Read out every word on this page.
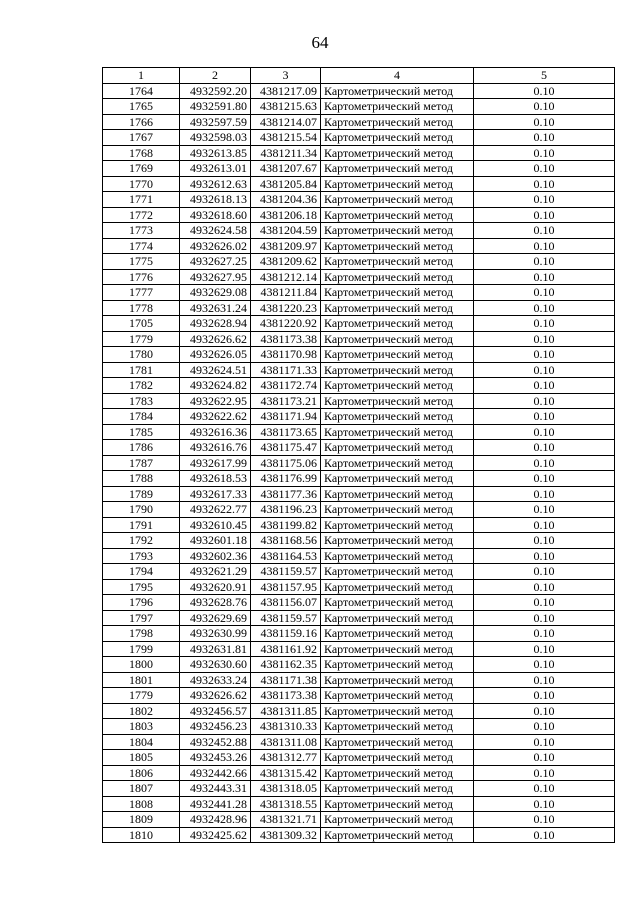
64
1	2	3	4	5
1764	4932592.20	4381217.09	Картометрический метод	0.10
1765	4932591.80	4381215.63	Картометрический метод	0.10
1766	4932597.59	4381214.07	Картометрический метод	0.10
1767	4932598.03	4381215.54	Картометрический метод	0.10
1768	4932613.85	4381211.34	Картометрический метод	0.10
1769	4932613.01	4381207.67	Картометрический метод	0.10
1770	4932612.63	4381205.84	Картометрический метод	0.10
1771	4932618.13	4381204.36	Картометрический метод	0.10
1772	4932618.60	4381206.18	Картометрический метод	0.10
1773	4932624.58	4381204.59	Картометрический метод	0.10
1774	4932626.02	4381209.97	Картометрический метод	0.10
1775	4932627.25	4381209.62	Картометрический метод	0.10
1776	4932627.95	4381212.14	Картометрический метод	0.10
1777	4932629.08	4381211.84	Картометрический метод	0.10
1778	4932631.24	4381220.23	Картометрический метод	0.10
1705	4932628.94	4381220.92	Картометрический метод	0.10
1779	4932626.62	4381173.38	Картометрический метод	0.10
1780	4932626.05	4381170.98	Картометрический метод	0.10
1781	4932624.51	4381171.33	Картометрический метод	0.10
1782	4932624.82	4381172.74	Картометрический метод	0.10
1783	4932622.95	4381173.21	Картометрический метод	0.10
1784	4932622.62	4381171.94	Картометрический метод	0.10
1785	4932616.36	4381173.65	Картометрический метод	0.10
1786	4932616.76	4381175.47	Картометрический метод	0.10
1787	4932617.99	4381175.06	Картометрический метод	0.10
1788	4932618.53	4381176.99	Картометрический метод	0.10
1789	4932617.33	4381177.36	Картометрический метод	0.10
1790	4932622.77	4381196.23	Картометрический метод	0.10
1791	4932610.45	4381199.82	Картометрический метод	0.10
1792	4932601.18	4381168.56	Картометрический метод	0.10
1793	4932602.36	4381164.53	Картометрический метод	0.10
1794	4932621.29	4381159.57	Картометрический метод	0.10
1795	4932620.91	4381157.95	Картометрический метод	0.10
1796	4932628.76	4381156.07	Картометрический метод	0.10
1797	4932629.69	4381159.57	Картометрический метод	0.10
1798	4932630.99	4381159.16	Картометрический метод	0.10
1799	4932631.81	4381161.92	Картометрический метод	0.10
1800	4932630.60	4381162.35	Картометрический метод	0.10
1801	4932633.24	4381171.38	Картометрический метод	0.10
1779	4932626.62	4381173.38	Картометрический метод	0.10
1802	4932456.57	4381311.85	Картометрический метод	0.10
1803	4932456.23	4381310.33	Картометрический метод	0.10
1804	4932452.88	4381311.08	Картометрический метод	0.10
1805	4932453.26	4381312.77	Картометрический метод	0.10
1806	4932442.66	4381315.42	Картометрический метод	0.10
1807	4932443.31	4381318.05	Картометрический метод	0.10
1808	4932441.28	4381318.55	Картометрический метод	0.10
1809	4932428.96	4381321.71	Картометрический метод	0.10
1810	4932425.62	4381309.32	Картометрический метод	0.10
